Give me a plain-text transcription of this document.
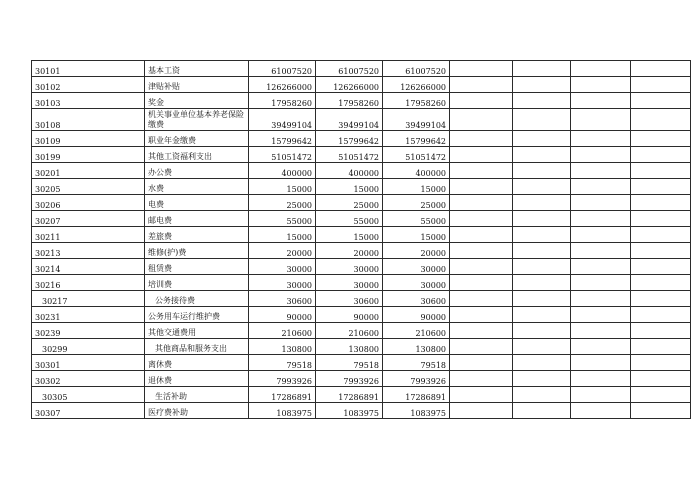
30101	基本工资	61007520	61007520	61007520				
30102	津贴补贴	126266000	126266000	126266000				
30103	奖金	17958260	17958260	17958260				
30108	机关事业单位基本养老保险缴费	39499104	39499104	39499104				
30109	职业年金缴费	15799642	15799642	15799642				
30199	其他工资福利支出	51051472	51051472	51051472				
30201	办公费	400000	400000	400000				
30205	水费	15000	15000	15000				
30206	电费	25000	25000	25000				
30207	邮电费	55000	55000	55000				
30211	差旅费	15000	15000	15000				
30213	维修(护)费	20000	20000	20000				
30214	租赁费	30000	30000	30000				
30216	培训费	30000	30000	30000				
30217	公务接待费	30600	30600	30600				
30231	公务用车运行维护费	90000	90000	90000				
30239	其他交通费用	210600	210600	210600				
30299	其他商品和服务支出	130800	130800	130800				
30301	离休费	79518	79518	79518				
30302	退休费	7993926	7993926	7993926				
30305	生活补助	17286891	17286891	17286891				
30307	医疗费补助	1083975	1083975	1083975				
